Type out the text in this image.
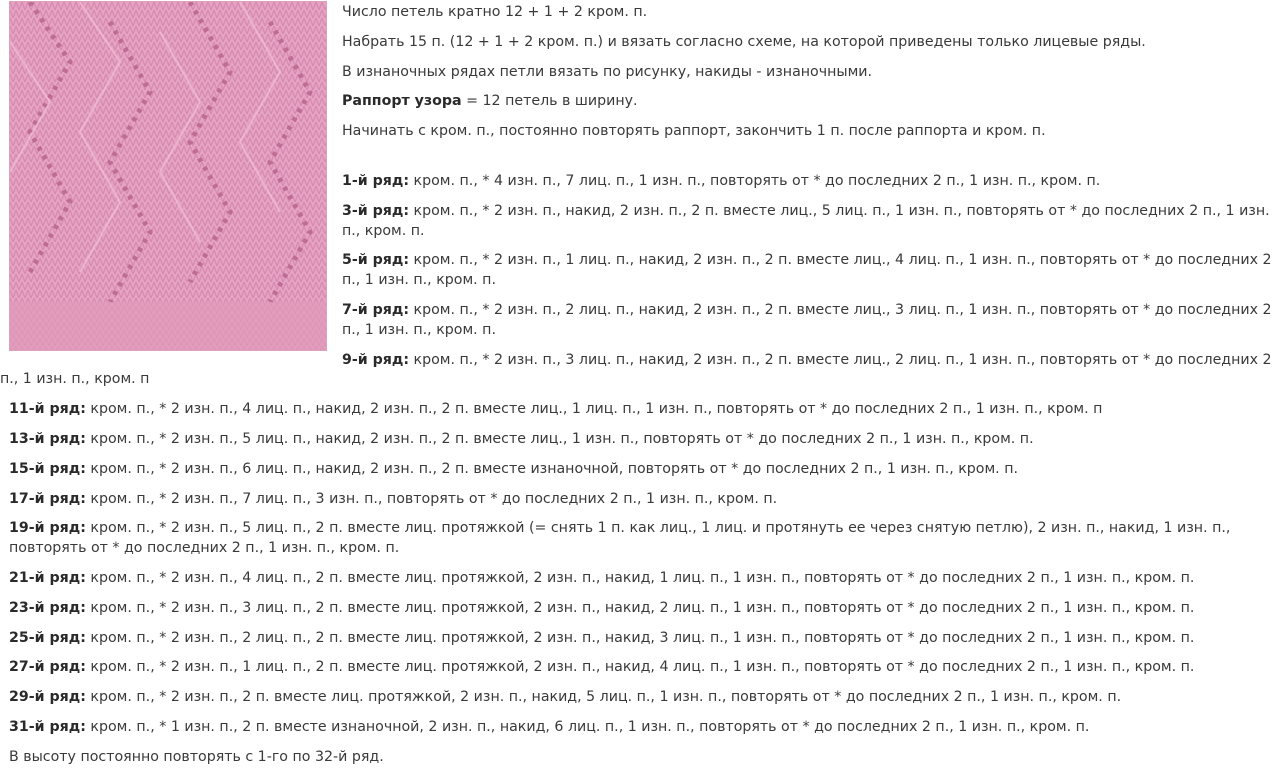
Число петель кратно 12 + 1 + 2 кром. п.

Набрать 15 п. (12 + 1 + 2 кром. п.) и вязать согласно схеме, на которой приведены только лицевые ряды.

В изнаночных рядах петли вязать по рисунку, накиды - изнаночными.

Раппорт узора = 12 петель в ширину.

Начинать с кром. п., постоянно повторять раппорт, закончить 1 п. после раппорта и кром. п.

1-й ряд: кром. п., * 4 изн. п., 7 лиц. п., 1 изн. п., повторять от * до последних 2 п., 1 изн. п., кром. п.

3-й ряд: кром. п., * 2 изн. п., накид, 2 изн. п., 2 п. вместе лиц., 5 лиц. п., 1 изн. п., повторять от * до последних 2 п., 1 изн. п., кром. п.

5-й ряд: кром. п., * 2 изн. п., 1 лиц. п., накид, 2 изн. п., 2 п. вместе лиц., 4 лиц. п., 1 изн. п., повторять от * до последних 2 п., 1 изн. п., кром. п.

7-й ряд: кром. п., * 2 изн. п., 2 лиц. п., накид, 2 изн. п., 2 п. вместе лиц., 3 лиц. п., 1 изн. п., повторять от * до последних 2 п., 1 изн. п., кром. п.

9-й ряд: кром. п., * 2 изн. п., 3 лиц. п., накид, 2 изн. п., 2 п. вместе лиц., 2 лиц. п., 1 изн. п., повторять от * до последних 2 п., 1 изн. п., кром. п

11-й ряд: кром. п., * 2 изн. п., 4 лиц. п., накид, 2 изн. п., 2 п. вместе лиц., 1 лиц. п., 1 изн. п., повторять от * до последних 2 п., 1 изн. п., кром. п

13-й ряд: кром. п., * 2 изн. п., 5 лиц. п., накид, 2 изн. п., 2 п. вместе лиц., 1 изн. п., повторять от * до последних 2 п., 1 изн. п., кром. п.

15-й ряд: кром. п., * 2 изн. п., 6 лиц. п., накид, 2 изн. п., 2 п. вместе изнаночной, повторять от * до последних 2 п., 1 изн. п., кром. п.

17-й ряд: кром. п., * 2 изн. п., 7 лиц. п., 3 изн. п., повторять от * до последних 2 п., 1 изн. п., кром. п.

19-й ряд: кром. п., * 2 изн. п., 5 лиц. п., 2 п. вместе лиц. протяжкой (= снять 1 п. как лиц., 1 лиц. и протянуть ее через снятую петлю), 2 изн. п., накид, 1 изн. п., повторять от * до последних 2 п., 1 изн. п., кром. п.

21-й ряд: кром. п., * 2 изн. п., 4 лиц. п., 2 п. вместе лиц. протяжкой, 2 изн. п., накид, 1 лиц. п., 1 изн. п., повторять от * до последних 2 п., 1 изн. п., кром. п.

23-й ряд: кром. п., * 2 изн. п., 3 лиц. п., 2 п. вместе лиц. протяжкой, 2 изн. п., накид, 2 лиц. п., 1 изн. п., повторять от * до последних 2 п., 1 изн. п., кром. п.

25-й ряд: кром. п., * 2 изн. п., 2 лиц. п., 2 п. вместе лиц. протяжкой, 2 изн. п., накид, 3 лиц. п., 1 изн. п., повторять от * до последних 2 п., 1 изн. п., кром. п.

27-й ряд: кром. п., * 2 изн. п., 1 лиц. п., 2 п. вместе лиц. протяжкой, 2 изн. п., накид, 4 лиц. п., 1 изн. п., повторять от * до последних 2 п., 1 изн. п., кром. п.

29-й ряд: кром. п., * 2 изн. п., 2 п. вместе лиц. протяжкой, 2 изн. п., накид, 5 лиц. п., 1 изн. п., повторять от * до последних 2 п., 1 изн. п., кром. п.

31-й ряд: кром. п., * 1 изн. п., 2 п. вместе изнаночной, 2 изн. п., накид, 6 лиц. п., 1 изн. п., повторять от * до последних 2 п., 1 изн. п., кром. п.

В высоту постоянно повторять с 1-го по 32-й ряд.
